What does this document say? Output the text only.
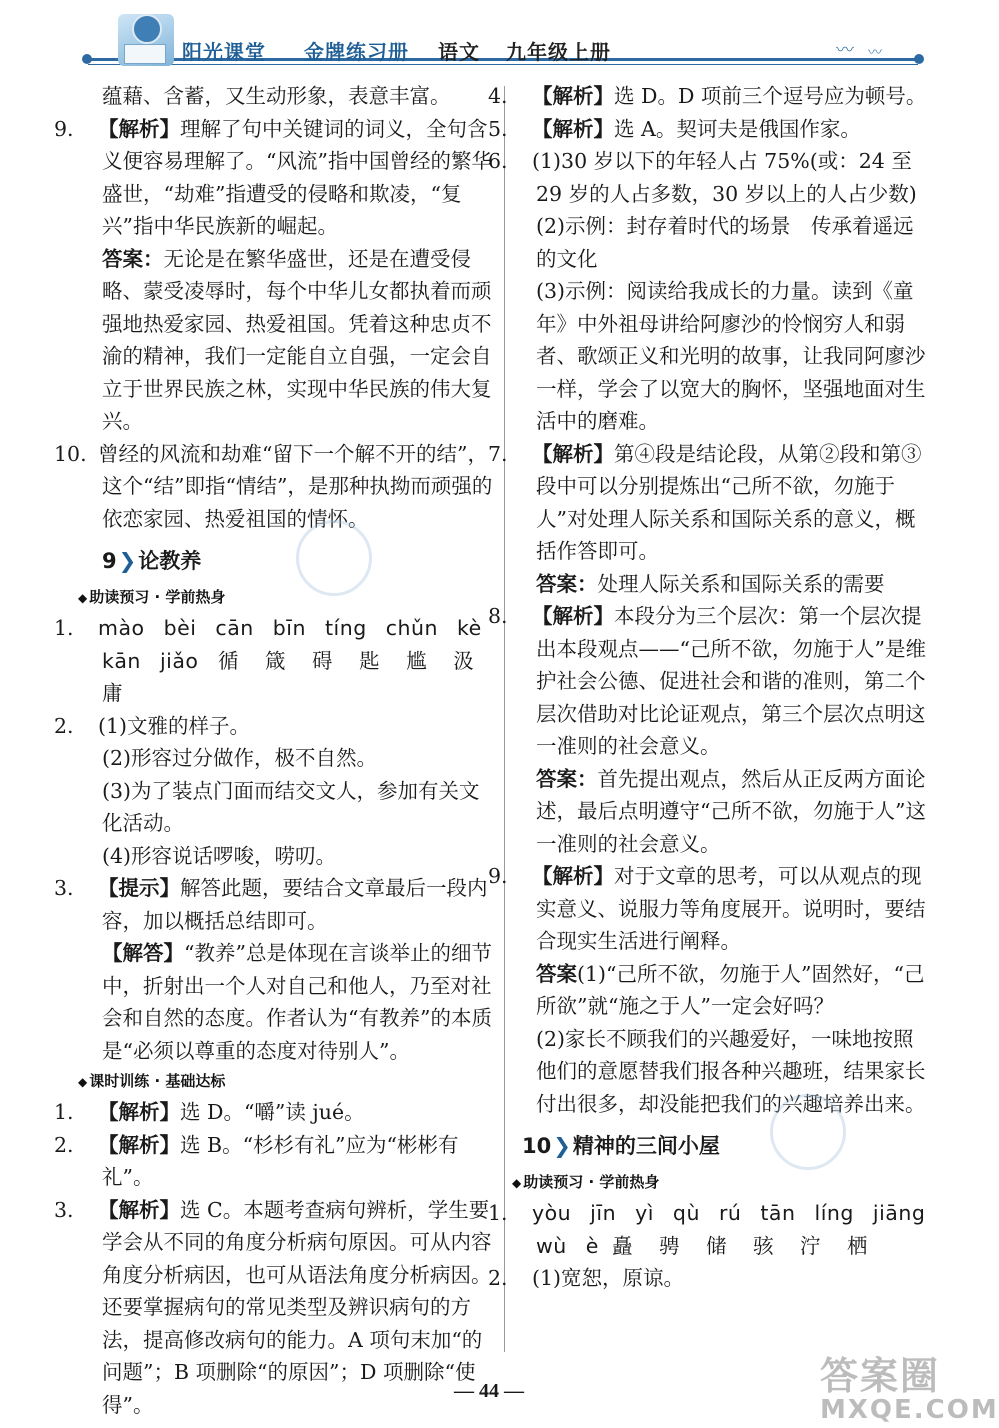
阳光课堂 金牌练习册 语文 九年级上册	〰 〰

蕴藉、含蓄，又生动形象，表意丰富。

9. 【解析】理解了句中关键词的词义，全句含义便容易理解了。“风流”指中国曾经的繁华盛世，“劫难”指遭受的侵略和欺凌，“复兴”指中华民族新的崛起。

答案：无论是在繁华盛世，还是在遭受侵略、蒙受凌辱时，每个中华儿女都执着而顽强地热爱家园、热爱祖国。凭着这种忠贞不渝的精神，我们一定能自立自强，一定会自立于世界民族之林，实现中华民族的伟大复兴。

10. 曾经的风流和劫难“留下一个解不开的结”，这个“结”即指“情结”，是那种执拗而顽强的依恋家园、热爱祖国的情怀。

9❯论教养
◆ 助读预习 · 学前热身

1. mào bèi cān bīn tíng chǔn kè

kān jiǎo 循 箴 碍 匙 尴 汲 庸

2. (1)文雅的样子。

(2)形容过分做作，极不自然。

(3)为了装点门面而结交文人，参加有关文化活动。

(4)形容说话啰唆，唠叨。

3. 【提示】解答此题，要结合文章最后一段内容，加以概括总结即可。

【解答】“教养”总是体现在言谈举止的细节中，折射出一个人对自己和他人，乃至对社会和自然的态度。作者认为“有教养”的本质是“必须以尊重的态度对待别人”。

◆ 课时训练 · 基础达标

1. 【解析】选 D。“嚼”读 jué。

2. 【解析】选 B。“杉杉有礼”应为“彬彬有礼”。

3. 【解析】选 C。本题考查病句辨析，学生要学会从不同的角度分析病句原因。可从内容角度分析病因，也可从语法角度分析病因。还要掌握病句的常见类型及辨识病句的方法，提高修改病句的能力。A 项句末加“的问题”；B 项删除“的原因”；D 项删除“使得”。

4. 【解析】选 D。D 项前三个逗号应为顿号。

5. 【解析】选 A。契诃夫是俄国作家。

6. (1)30 岁以下的年轻人占 75%(或：24 至 29 岁的人占多数，30 岁以上的人占少数)

(2)示例：封存着时代的场景　传承着遥远的文化

(3)示例：阅读给我成长的力量。读到《童年》中外祖母讲给阿廖沙的怜悯穷人和弱者、歌颂正义和光明的故事，让我同阿廖沙一样，学会了以宽大的胸怀，坚强地面对生活中的磨难。

7. 【解析】第④段是结论段，从第②段和第③段中可以分别提炼出“己所不欲，勿施于人”对处理人际关系和国际关系的意义，概括作答即可。

答案：处理人际关系和国际关系的需要

8. 【解析】本段分为三个层次：第一个层次提出本段观点——“己所不欲，勿施于人”是维护社会公德、促进社会和谐的准则，第二个层次借助对比论证观点，第三个层次点明这一准则的社会意义。

答案：首先提出观点，然后从正反两方面论述，最后点明遵守“己所不欲，勿施于人”这一准则的社会意义。

9. 【解析】对于文章的思考，可以从观点的现实意义、说服力等角度展开。说明时，要结合现实生活进行阐释。

答案(1)“己所不欲，勿施于人”固然好，“己所欲”就“施之于人”一定会好吗？

(2)家长不顾我们的兴趣爱好，一味地按照他们的意愿替我们报各种兴趣班，结果家长付出很多，却没能把我们的兴趣培养出来。

10❯精神的三间小屋
◆ 助读预习 · 学前热身

1. yòu jīn yì qù rú tān líng jiāng

wù è 矗 骋 储 骇 泞 栖

2. (1)宽恕，原谅。

— 44 —	答案圈
MXQE.COM
